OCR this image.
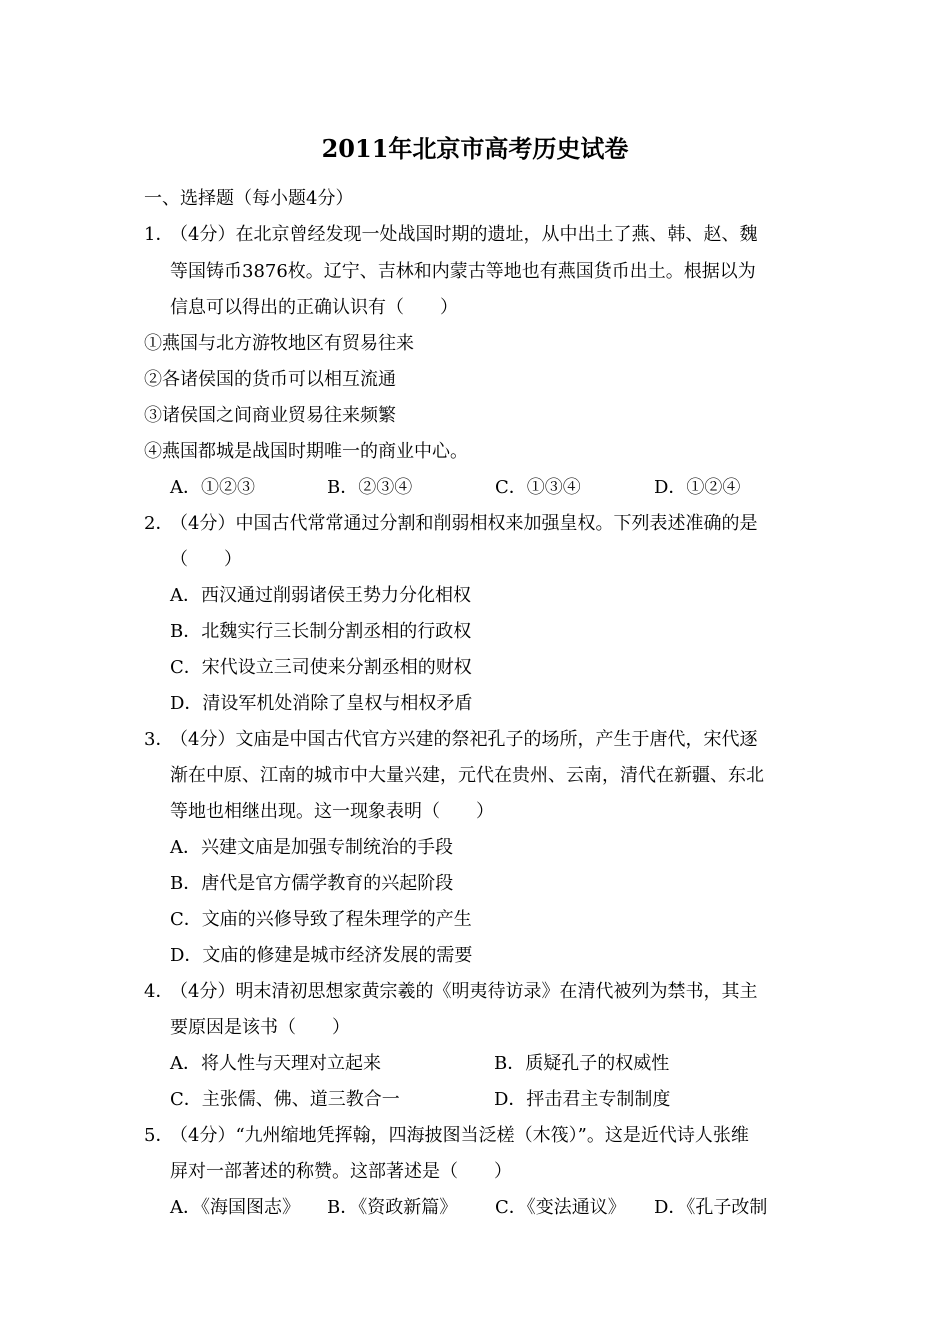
2011年北京市高考历史试卷
一、选择题（每小题4分）
1．（4分）在北京曾经发现一处战国时期的遗址，从中出土了燕、韩、赵、魏
等国铸币3876枚。辽宁、吉林和内蒙古等地也有燕国货币出土。根据以为
信息可以得出的正确认识有（　　）
①燕国与北方游牧地区有贸易往来
②各诸侯国的货币可以相互流通
③诸侯国之间商业贸易往来频繁
④燕国都城是战国时期唯一的商业中心。
A．①②③	B．②③④	C．①③④	D．①②④
2．（4分）中国古代常常通过分割和削弱相权来加强皇权。下列表述准确的是
（　　）
A．西汉通过削弱诸侯王势力分化相权
B．北魏实行三长制分割丞相的行政权
C．宋代设立三司使来分割丞相的财权
D．清设军机处消除了皇权与相权矛盾
3．（4分）文庙是中国古代官方兴建的祭祀孔子的场所，产生于唐代，宋代逐
渐在中原、江南的城市中大量兴建，元代在贵州、云南，清代在新疆、东北
等地也相继出现。这一现象表明（　　）
A．兴建文庙是加强专制统治的手段
B．唐代是官方儒学教育的兴起阶段
C．文庙的兴修导致了程朱理学的产生
D．文庙的修建是城市经济发展的需要
4．（4分）明末清初思想家黄宗羲的《明夷待访录》在清代被列为禁书，其主
要原因是该书（　　）
A．将人性与天理对立起来	B．质疑孔子的权威性
C．主张儒、佛、道三教合一	D．抨击君主专制制度
5．（4分）“九州缩地凭挥翰，四海披图当泛槎（木筏）”。这是近代诗人张维
屏对一部著述的称赞。这部著述是（　　）
A．《海国图志》 B．《资政新篇》 C．《变法通议》 D．《孔子改制
